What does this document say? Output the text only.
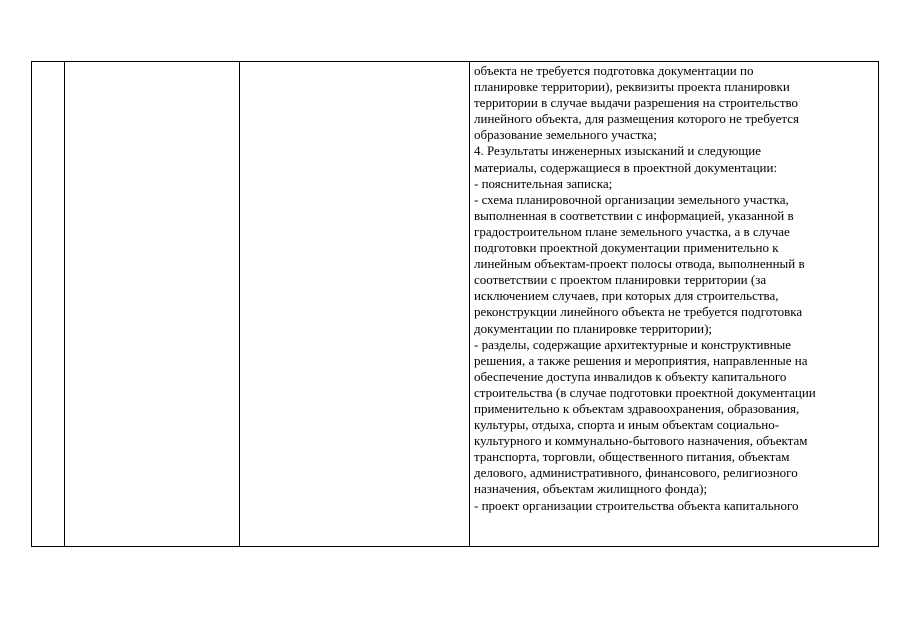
объекта не требуется подготовка документации по
планировке территории), реквизиты проекта планировки
территории в случае выдачи разрешения на строительство
линейного объекта, для размещения которого не требуется
образование земельного участка;
4. Результаты инженерных изысканий и следующие
материалы, содержащиеся в проектной документации:
- пояснительная записка;
- схема планировочной организации земельного участка,
выполненная в соответствии с информацией, указанной в
градостроительном плане земельного участка, а в случае
подготовки проектной документации применительно к
линейным объектам-проект полосы отвода, выполненный в
соответствии с проектом планировки территории (за
исключением случаев, при которых для строительства,
реконструкции линейного объекта не требуется подготовка
документации по планировке территории);
- разделы, содержащие архитектурные и конструктивные
решения, а также решения и мероприятия, направленные на
обеспечение доступа инвалидов к объекту капитального
строительства (в случае подготовки проектной документации
применительно к объектам здравоохранения, образования,
культуры, отдыха, спорта и иным объектам социально-
культурного и коммунально-бытового назначения, объектам
транспорта, торговли, общественного питания, объектам
делового, административного, финансового, религиозного
назначения, объектам жилищного фонда);
- проект организации строительства объекта капитального
